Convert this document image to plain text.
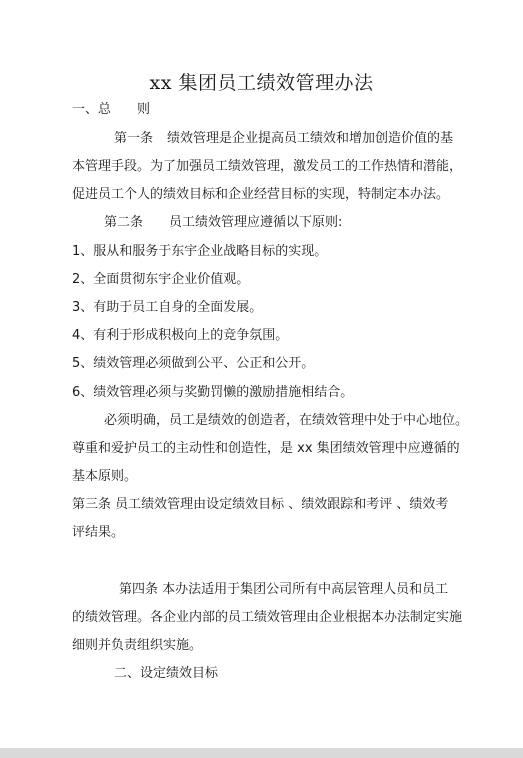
xx 集团员工绩效管理办法
一、总 则
第一条 绩效管理是企业提高员工绩效和增加创造价值的基
本管理手段。为了加强员工绩效管理，激发员工的工作热情和潜能，
促进员工个人的绩效目标和企业经营目标的实现，特制定本办法。
第二条 员工绩效管理应遵循以下原则:
1、服从和服务于东宇企业战略目标的实现。
2、全面贯彻东宇企业价值观。
3、有助于员工自身的全面发展。
4、有利于形成积极向上的竞争氛围。
5、绩效管理必须做到公平、公正和公开。
6、绩效管理必须与奖勤罚懒的激励措施相结合。
必须明确，员工是绩效的创造者，在绩效管理中处于中心地位。
尊重和爱护员工的主动性和创造性，是 xx 集团绩效管理中应遵循的
基本原则。
第三条 员工绩效管理由设定绩效目标 、绩效跟踪和考评 、绩效考
评结果。
第四条 本办法适用于集团公司所有中高层管理人员和员工
的绩效管理。各企业内部的员工绩效管理由企业根据本办法制定实施
细则并负责组织实施。
二、设定绩效目标
